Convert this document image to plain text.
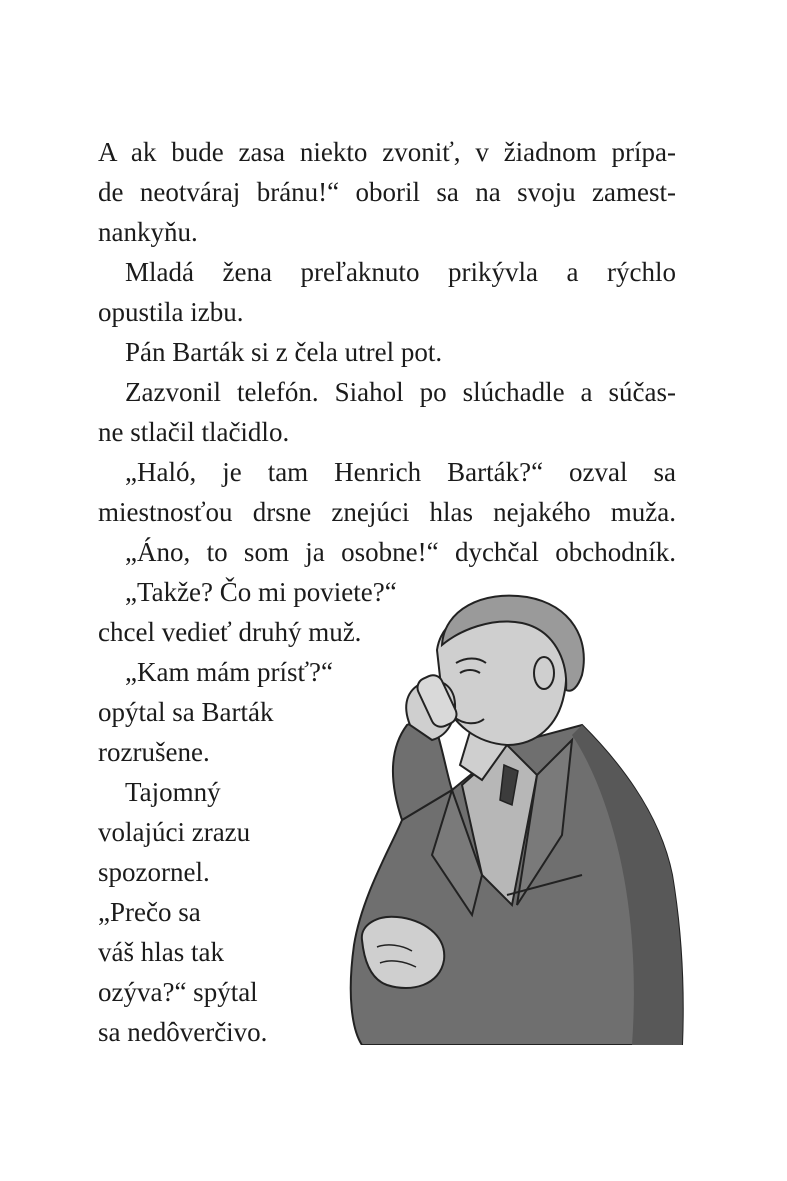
A ak bude zasa niekto zvoniť, v žiadnom prípa-
de neotváraj bránu!“ oboril sa na svoju zamest-
nankyňu.
Mladá žena preľaknuto prikývla a rýchlo
opustila izbu.
Pán Barták si z čela utrel pot.
Zazvonil telefón. Siahol po slúchadle a súčas-
ne stlačil tlačidlo.
„Haló, je tam Henrich Barták?“ ozval sa
miestnosťou drsne znejúci hlas nejakého muža.
„Áno, to som ja osobne!“ dychčal obchodník.
„Takže? Čo mi poviete?“
chcel vedieť druhý muž.
„Kam mám prísť?“
opýtal sa Barták
rozrušene.
Tajomný
volajúci zrazu
spozornel.
„Prečo sa
váš hlas tak
ozýva?“ spýtal
sa nedôverčivo.
